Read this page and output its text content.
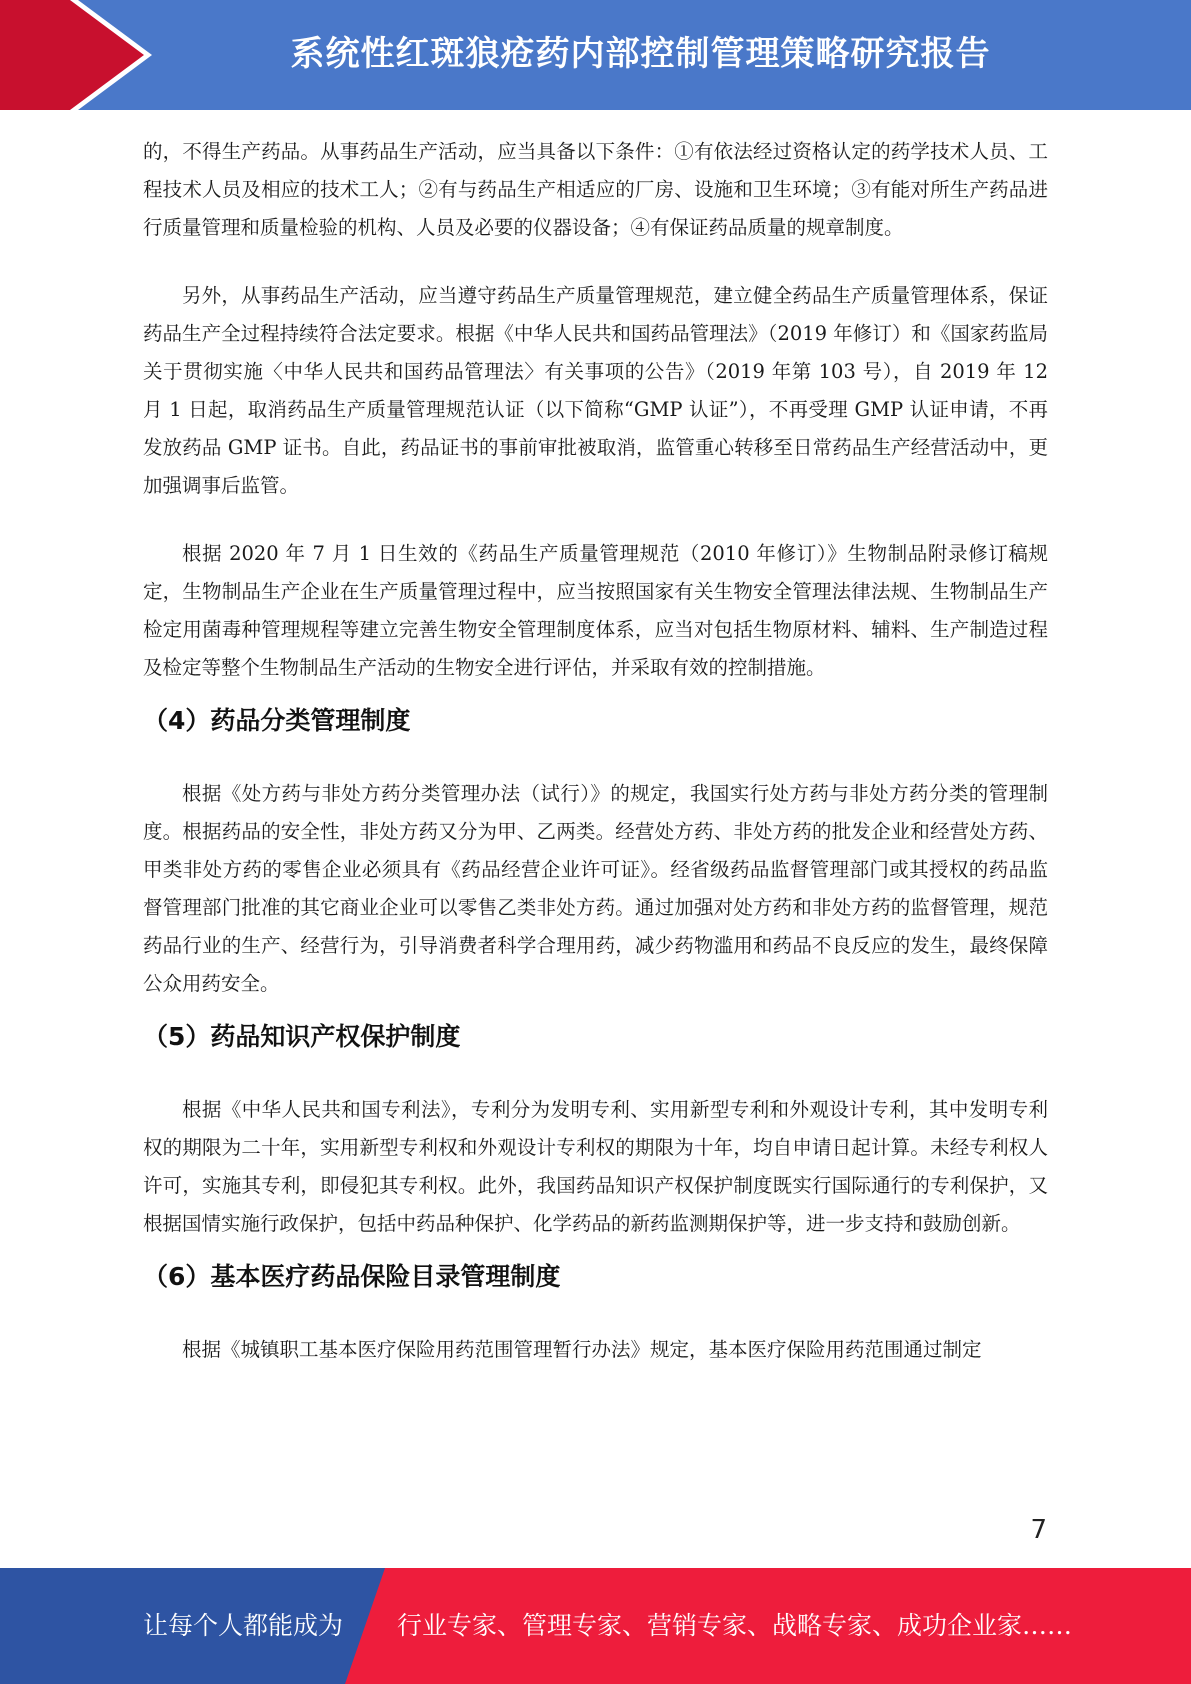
系统性红斑狼疮药内部控制管理策略研究报告

的，不得生产药品。从事药品生产活动，应当具备以下条件：①有依法经过资格认定的药学技术人员、工程技术人员及相应的技术工人；②有与药品生产相适应的厂房、设施和卫生环境；③有能对所生产药品进行质量管理和质量检验的机构、人员及必要的仪器设备；④有保证药品质量的规章制度。

另外，从事药品生产活动，应当遵守药品生产质量管理规范，建立健全药品生产质量管理体系，保证药品生产全过程持续符合法定要求。根据《中华人民共和国药品管理法》（2019 年修订）和《国家药监局关于贯彻实施〈中华人民共和国药品管理法〉有关事项的公告》（2019 年第 103 号），自 2019 年 12 月 1 日起，取消药品生产质量管理规范认证（以下简称“GMP 认证”），不再受理 GMP 认证申请，不再发放药品 GMP 证书。自此，药品证书的事前审批被取消，监管重心转移至日常药品生产经营活动中，更加强调事后监管。

根据 2020 年 7 月 1 日生效的《药品生产质量管理规范（2010 年修订）》生物制品附录修订稿规定，生物制品生产企业在生产质量管理过程中，应当按照国家有关生物安全管理法律法规、生物制品生产检定用菌毒种管理规程等建立完善生物安全管理制度体系，应当对包括生物原材料、辅料、生产制造过程及检定等整个生物制品生产活动的生物安全进行评估，并采取有效的控制措施。

（4）药品分类管理制度

根据《处方药与非处方药分类管理办法（试行）》的规定，我国实行处方药与非处方药分类的管理制度。根据药品的安全性，非处方药又分为甲、乙两类。经营处方药、非处方药的批发企业和经营处方药、甲类非处方药的零售企业必须具有《药品经营企业许可证》。经省级药品监督管理部门或其授权的药品监督管理部门批准的其它商业企业可以零售乙类非处方药。通过加强对处方药和非处方药的监督管理，规范药品行业的生产、经营行为，引导消费者科学合理用药，减少药物滥用和药品不良反应的发生，最终保障公众用药安全。

（5）药品知识产权保护制度

根据《中华人民共和国专利法》，专利分为发明专利、实用新型专利和外观设计专利，其中发明专利权的期限为二十年，实用新型专利权和外观设计专利权的期限为十年，均自申请日起计算。未经专利权人许可，实施其专利，即侵犯其专利权。此外，我国药品知识产权保护制度既实行国际通行的专利保护，又根据国情实施行政保护，包括中药品种保护、化学药品的新药监测期保护等，进一步支持和鼓励创新。

（6）基本医疗药品保险目录管理制度

根据《城镇职工基本医疗保险用药范围管理暂行办法》规定，基本医疗保险用药范围通过制定

7
让每个人都能成为 行业专家、管理专家、营销专家、战略专家、成功企业家……
